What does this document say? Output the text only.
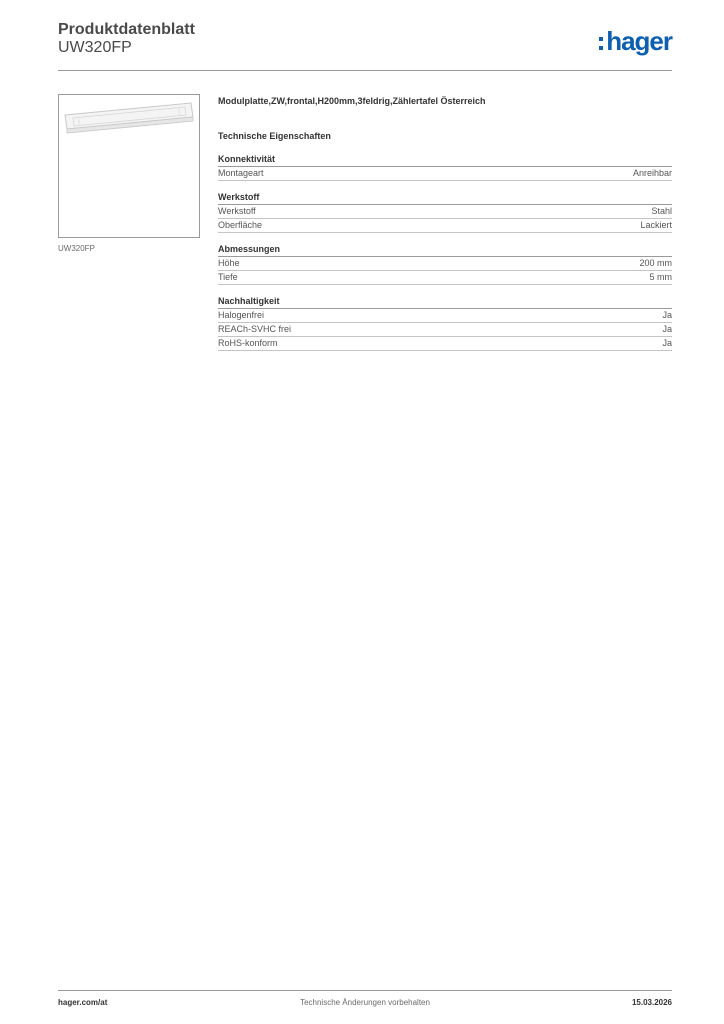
Produktdatenblatt
UW320FP	hager
UW320FP

Modulplatte,ZW,frontal,H200mm,3feldrig,Zählertafel Österreich

Technische Eigenschaften
Konnektivität
Montageart	Anreihbar
Werkstoff
Werkstoff	Stahl
Oberfläche	Lackiert
Abmessungen
Höhe	200 mm
Tiefe	5 mm
Nachhaltigkeit
Halogenfrei	Ja
REACh-SVHC frei	Ja
RoHS-konform	Ja
hager.com/at	Technische Änderungen vorbehalten	15.03.2026
